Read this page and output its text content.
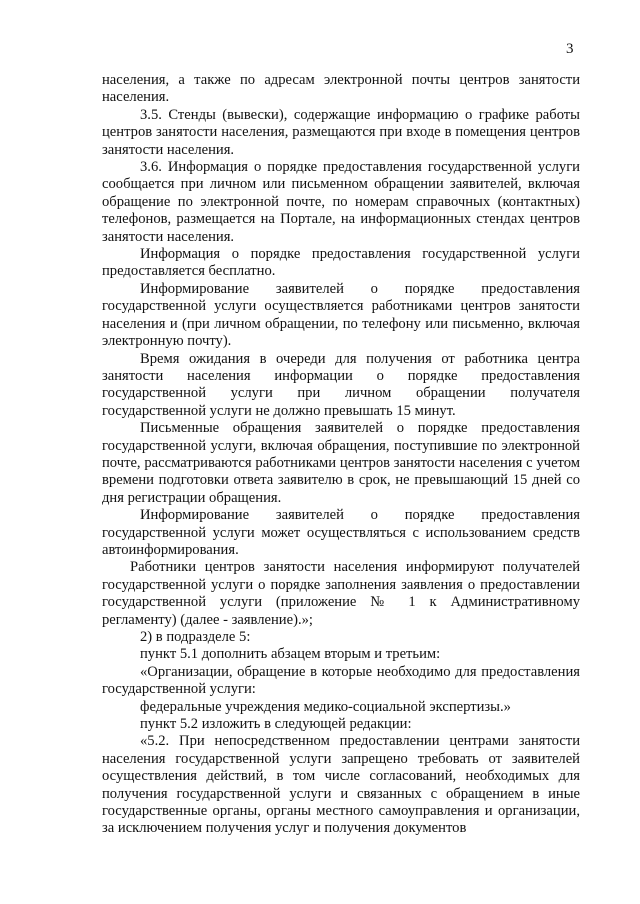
3

населения, а также по адресам электронной почты центров занятости населения.

3.5. Стенды (вывески), содержащие информацию о графике работы центров занятости населения, размещаются при входе в помещения центров занятости населения.

3.6. Информация о порядке предоставления государственной услуги сообщается при личном или письменном обращении заявителей, включая обращение по электронной почте, по номерам справочных (контактных) телефонов, размещается на Портале, на информационных стендах центров занятости населения.

Информация о порядке предоставления государственной услуги предоставляется бесплатно.

Информирование заявителей о порядке предоставления государственной услуги осуществляется работниками центров занятости населения и (при личном обращении, по телефону или письменно, включая электронную почту).

Время ожидания в очереди для получения от работника центра занятости населения информации о порядке предоставления государственной услуги при личном обращении получателя государственной услуги не должно превышать 15 минут.

Письменные обращения заявителей о порядке предоставления государственной услуги, включая обращения, поступившие по электронной почте, рассматриваются работниками центров занятости населения с учетом времени подготовки ответа заявителю в срок, не превышающий 15 дней со дня регистрации обращения.

Информирование заявителей о порядке предоставления государственной услуги может осуществляться с использованием средств автоинформирования.

Работники центров занятости населения информируют получателей государственной услуги о порядке заполнения заявления о предоставлении государственной услуги (приложение № 1 к Административному регламенту) (далее - заявление).»;

2) в подразделе 5:

пункт 5.1 дополнить абзацем вторым и третьим:

«Организации, обращение в которые необходимо для предоставления государственной услуги:

федеральные учреждения медико-социальной экспертизы.»

пункт 5.2 изложить в следующей редакции:

«5.2. При непосредственном предоставлении центрами занятости населения государственной услуги запрещено требовать от заявителей осуществления действий, в том числе согласований, необходимых для получения государственной услуги и связанных с обращением в иные государственные органы, органы местного самоуправления и организации, за исключением получения услуг и получения документов
